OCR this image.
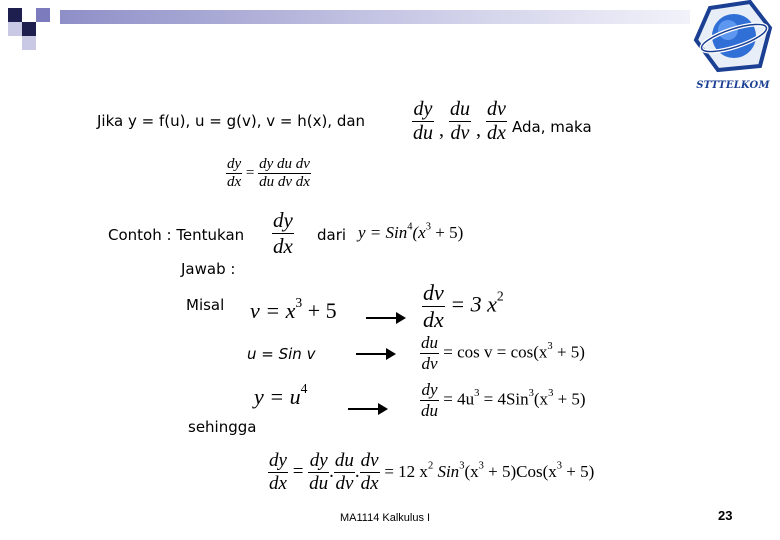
STTTELKOM
Jika y = f(u), u = g(v), v = h(x), dan $\frac{dy}{du}$ , $\frac{du}{dv}$ , $\frac{dv}{dx}$ Ada, maka
$\frac{dy}{dx} = \frac{\text{dy du dv}}{\text{du dv dx}}$
Contoh : Tentukan $\frac{dy}{dx}$ dari $y = Sin^4(x^3 + 5)$
Jawab :
Misal $v = x^3 + 5$	$\frac{dv}{dx} = 3$ $x^2$
u = Sin v	$\frac{du}{dv} = \cos v = \cos(x^3 + 5)$
$y = u^4$	$\frac{dy}{du} = 4u^3 = 4Sin^3(x^3 + 5)$
sehingga
$\frac{dy}{dx} = \frac{dy}{du}$ . $\frac{du}{dv}$ . $\frac{dv}{dx} = 12$ $x^2$ $Sin^3(x^3 + 5)Cos(x^3 + 5)$
MA1114 Kalkulus I	23
